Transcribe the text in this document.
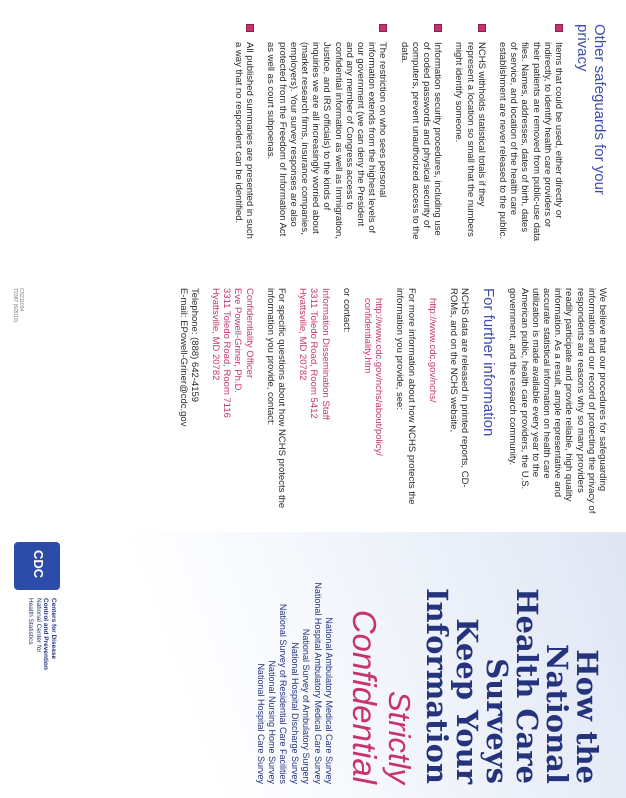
Other safeguards for your privacy
Items that could be used, either directly or indirectly, to identify health care providers or their patients are removed from public-use data files. Names, addresses, dates of birth, dates of service, and location of the health care establishment are never released to the public.
NCHS withholds statistical totals if they represent a location so small that the numbers might identify someone.
Information security procedures, including use of coded passwords and physical security of computers, prevent unauthorized access to the data.
The restriction on who sees personal information extends from the highest levels of our government (we can deny the President and any member of Congress access to confidential information as well as Immigration, Justice, and IRS officials) to the kinds of inquiries we are all increasingly worried about (market research firms, insurance companies, employers). Your survey responses are also protected from the Freedom of Information Act as well as court subpoenas.
All published summaries are presented in such a way that no respondent can be identified.

We believe that our procedures for safeguarding information and our record of protecting the privacy of respondents are reasons why so many providers readily participate and provide reliable, high quality information. As a result, ample representative and accurate statistical information on health care utilization is made available every year to the American public, health care providers, the U.S. government, and the research community.

For further information

NCHS data are released in printed reports, CD-ROMs, and on the NCHS website,

http://www.cdc.gov/nchs/

For more information about how NCHS protects the information you provide, see:

http://www.cdc.gov/nchs/about/policy/ confidentiality.htm

or contact:

Information Dissemination Staff
3311 Toledo Road, Room 5412
Hyattsville, MD 20782

For specific questions about how NCHS protects the information you provide, contact:

Confidentiality Officer
Eve Powell-Griner, Ph.D.
3311 Toledo Road, Room 7116
Hyattsville, MD 20782
Telephone: (888) 642-4159
E-mail: EPowell-Griner@cdc.gov
CS211034
T0387 (6/2010)
How the
National
Health Care
Surveys
Keep Your
Information
Strictly
Confidential
National Ambulatory Medical Care Survey
National Hospital Ambulatory Medical Care Survey
National Survey of Ambulatory Surgery
National Hospital Discharge Survey
National Survey of Residential Care Facilities
National Nursing Home Survey
National Hospital Care Survey
CDC
Centers for Disease
Control and Prevention
National Center for
Health Statistics
